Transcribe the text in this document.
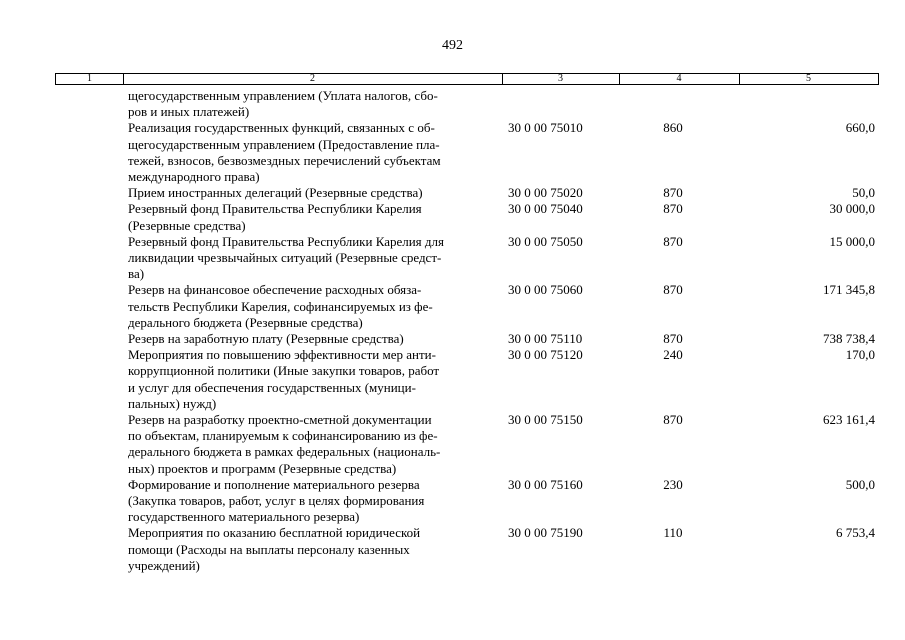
492
1	2	3	4	5
щегосударственным управлением (Уплата налогов, сбо-
ров и иных платежей)
Реализация государственных функций, связанных с об-
щегосударственным управлением (Предоставление пла-
тежей, взносов, безвозмездных перечислений субъектам
международного права)
30 0 00 75010	860	660,0
Прием иностранных делегаций (Резервные средства)	30 0 00 75020	870	50,0
Резервный фонд Правительства Республики Карелия
(Резервные средства)
30 0 00 75040	870	30 000,0
Резервный фонд Правительства Республики Карелия для
ликвидации чрезвычайных ситуаций (Резервные средст-
ва)
30 0 00 75050	870	15 000,0
Резерв на финансовое обеспечение расходных обяза-
тельств Республики Карелия, софинансируемых из фе-
дерального бюджета (Резервные средства)
30 0 00 75060	870	171 345,8
Резерв на заработную плату (Резервные средства)	30 0 00 75110	870	738 738,4
Мероприятия по повышению эффективности мер анти-
коррупционной политики (Иные закупки товаров, работ
и услуг для обеспечения государственных (муници-
пальных) нужд)
30 0 00 75120	240	170,0
Резерв на разработку проектно-сметной документации
по объектам, планируемым к софинансированию из фе-
дерального бюджета в рамках федеральных (националь-
ных) проектов и программ (Резервные средства)
30 0 00 75150	870	623 161,4
Формирование и пополнение материального резерва
(Закупка товаров, работ, услуг в целях формирования
государственного материального резерва)
30 0 00 75160	230	500,0
Мероприятия по оказанию бесплатной юридической
помощи (Расходы на выплаты персоналу казенных
учреждений)
30 0 00 75190	110	6 753,4
